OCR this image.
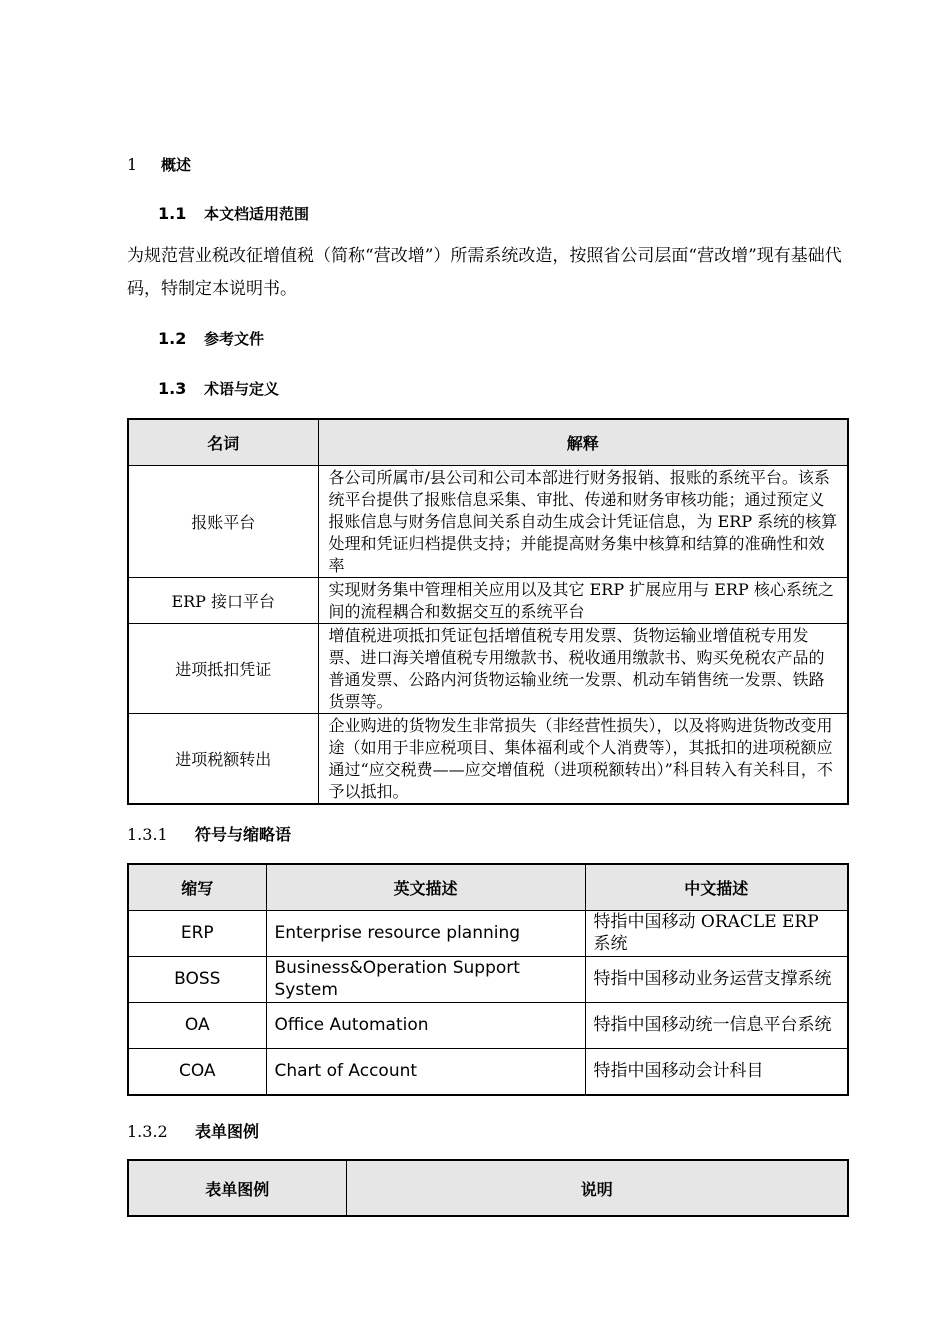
1 概述
1.1 本文档适用范围
为规范营业税改征增值税（简称“营改增”）所需系统改造，按照省公司层面“营改增”现有基础代码，特制定本说明书。
1.2 参考文件
1.3 术语与定义
名词	解释
报账平台	各公司所属市/县公司和公司本部进行财务报销、报账的系统平台。该系统平台提供了报账信息采集、审批、传递和财务审核功能；通过预定义报账信息与财务信息间关系自动生成会计凭证信息，为 ERP 系统的核算处理和凭证归档提供支持；并能提高财务集中核算和结算的准确性和效率
ERP 接口平台	实现财务集中管理相关应用以及其它 ERP 扩展应用与 ERP 核心系统之间的流程耦合和数据交互的系统平台
进项抵扣凭证	增值税进项抵扣凭证包括增值税专用发票、货物运输业增值税专用发票、进口海关增值税专用缴款书、税收通用缴款书、购买免税农产品的普通发票、公路内河货物运输业统一发票、机动车销售统一发票、铁路货票等。
进项税额转出	企业购进的货物发生非常损失（非经营性损失），以及将购进货物改变用途（如用于非应税项目、集体福利或个人消费等），其抵扣的进项税额应通过“应交税费——应交增值税（进项税额转出）”科目转入有关科目，不予以抵扣。
1.3.1 符号与缩略语
缩写	英文描述	中文描述
ERP	Enterprise resource planning	特指中国移动 ORACLE ERP 系统
BOSS	Business&Operation Support System	特指中国移动业务运营支撑系统
OA	Office Automation	特指中国移动统一信息平台系统
COA	Chart of Account	特指中国移动会计科目
1.3.2 表单图例
表单图例	说明
